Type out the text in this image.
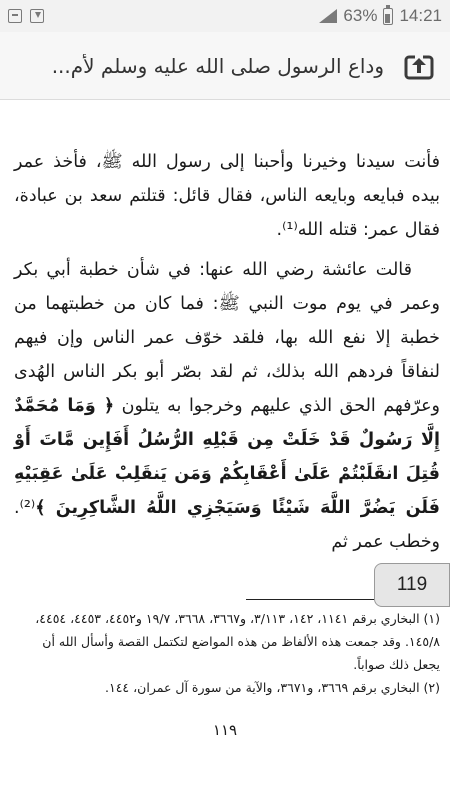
63% 14:21
وداع الرسول صلى الله عليه وسلم لأم...

فأنت سيدنا وخيرنا وأحبنا إلى رسول الله ﷺ، فأخذ عمر بيده فبايعه وبايعه الناس، فقال قائل: قتلتم سعد بن عبادة، فقال عمر: قتله الله⁽¹⁾.

قالت عائشة رضي الله عنها: في شأن خطبة أبي بكر وعمر في يوم موت النبي ﷺ: فما كان من خطبتهما من خطبة إلا نفع الله بها، فلقد خوّف عمر الناس وإن فيهم لنفاقاً فردهم الله بذلك، ثم لقد بصّر أبو بكر الناس الهُدى وعرّفهم الحق الذي عليهم وخرجوا به يتلون ﴿ وَمَا مُحَمَّدٌ إِلَّا رَسُولٌ قَدْ خَلَتْ مِن قَبْلِهِ الرُّسُلُ أَفَإِين مَّاتَ أَوْ قُتِلَ انقَلَبْتُمْ عَلَىٰ أَعْقَابِكُمْ وَمَن يَنقَلِبْ عَلَىٰ عَقِبَيْهِ فَلَن يَضُرَّ اللَّهَ شَيْئًا وَسَيَجْزِي اللَّهُ الشَّاكِرِينَ ﴾⁽²⁾. وخطب عمر ثم

(١) البخاري برقم ١١٤١، ١٤٢، ٣/١١٣، و٣٦٦٧، ٣٦٦٨، ١٩/٧ و٤٤٥٢، ٤٤٥٣، ٤٤٥٤، ١٤٥/٨. وقد جمعت هذه الألفاظ من هذه المواضع لتكتمل القصة وأسأل الله أن يجعل ذلك صواباً.
(٢) البخاري برقم ٣٦٦٩، و٣٦٧١، والآية من سورة آل عمران، ١٤٤.
١١٩
119
